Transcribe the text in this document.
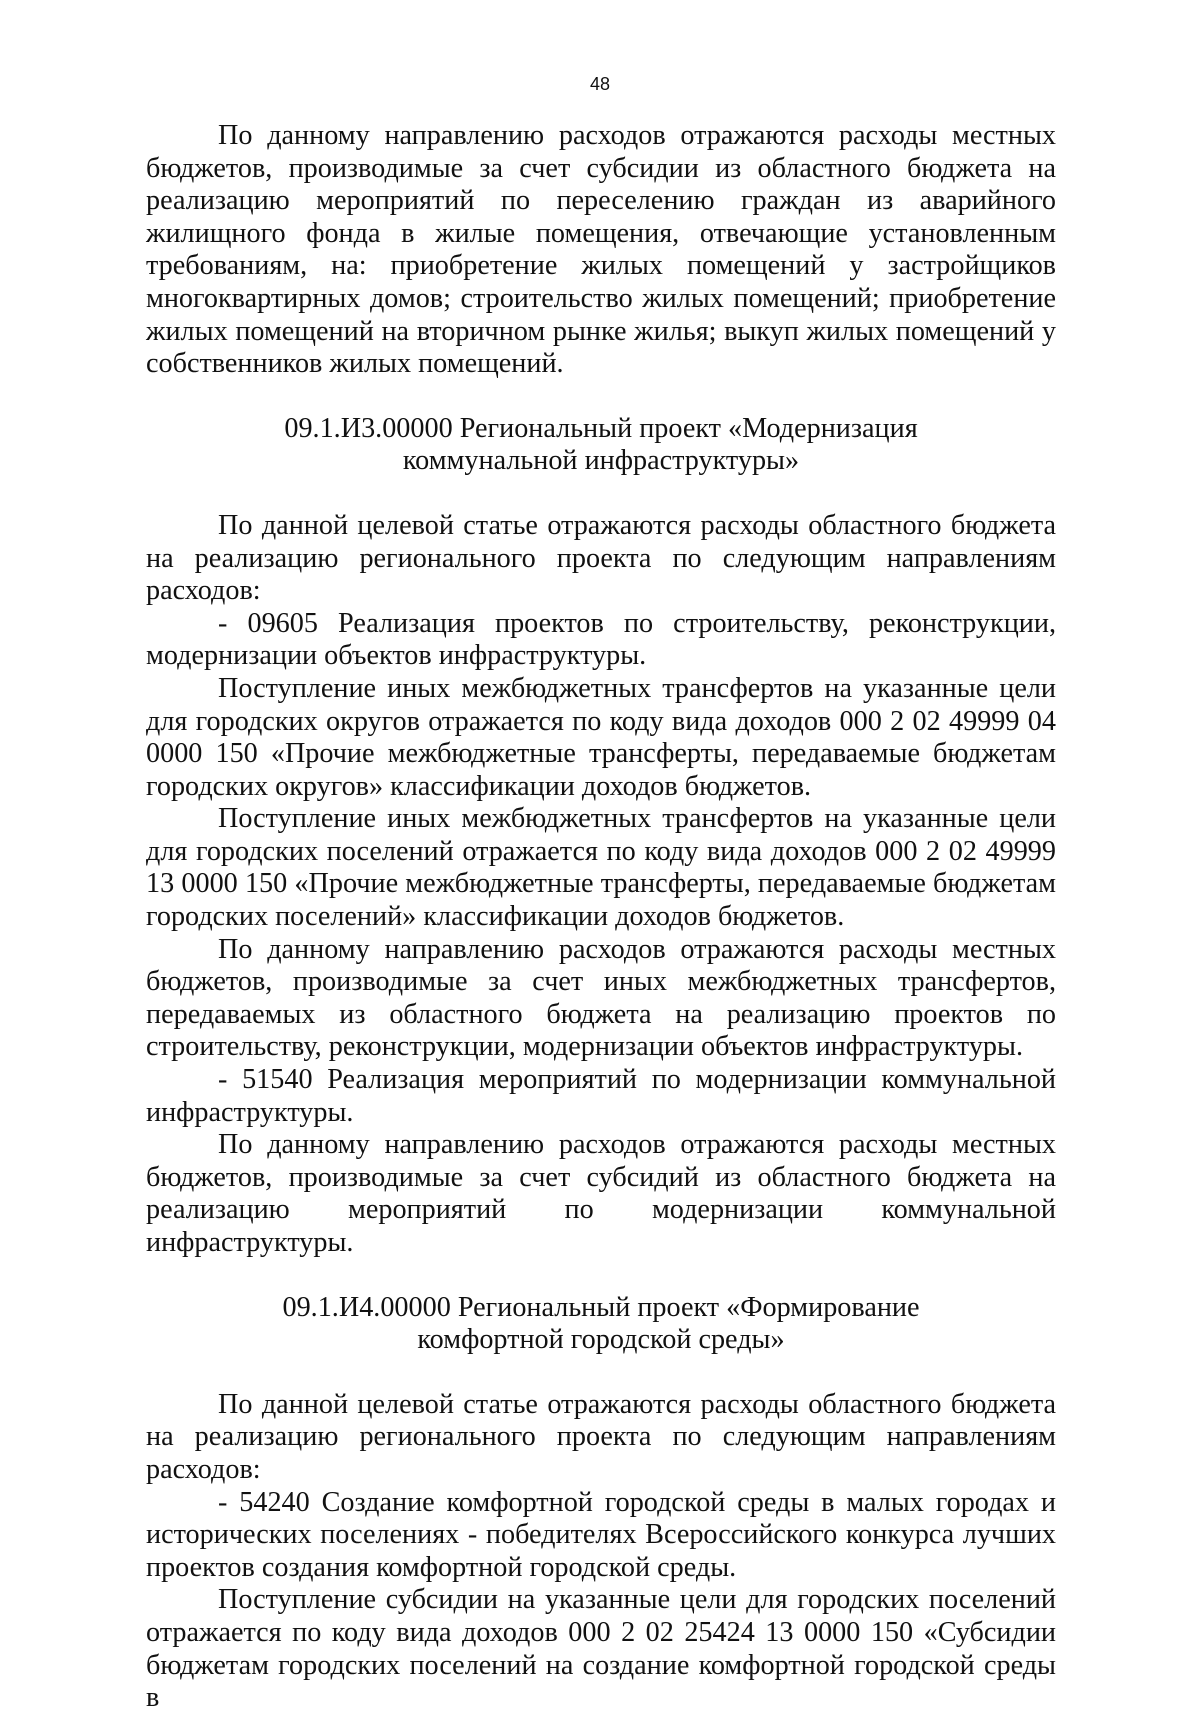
48

По данному направлению расходов отражаются расходы местных бюджетов, производимые за счет субсидии из областного бюджета на реализацию мероприятий по переселению граждан из аварийного жилищного фонда в жилые помещения, отвечающие установленным требованиям, на: приобретение жилых помещений у застройщиков многоквартирных домов; строительство жилых помещений; приобретение жилых помещений на вторичном рынке жилья; выкуп жилых помещений у собственников жилых помещений.

09.1.И3.00000 Региональный проект «Модернизация
коммунальной инфраструктуры»

По данной целевой статье отражаются расходы областного бюджета на реализацию регионального проекта по следующим направлениям расходов:

- 09605 Реализация проектов по строительству, реконструкции, модернизации объектов инфраструктуры.

Поступление иных межбюджетных трансфертов на указанные цели для городских округов отражается по коду вида доходов 000 2 02 49999 04 0000 150 «Прочие межбюджетные трансферты, передаваемые бюджетам городских округов» классификации доходов бюджетов.

Поступление иных межбюджетных трансфертов на указанные цели для городских поселений отражается по коду вида доходов 000 2 02 49999 13 0000 150 «Прочие межбюджетные трансферты, передаваемые бюджетам городских поселений» классификации доходов бюджетов.

По данному направлению расходов отражаются расходы местных бюджетов, производимые за счет иных межбюджетных трансфертов, передаваемых из областного бюджета на реализацию проектов по строительству, реконструкции, модернизации объектов инфраструктуры.

- 51540 Реализация мероприятий по модернизации коммунальной инфраструктуры.

По данному направлению расходов отражаются расходы местных бюджетов, производимые за счет субсидий из областного бюджета на реализацию мероприятий по модернизации коммунальной инфраструктуры.

09.1.И4.00000 Региональный проект «Формирование
комфортной городской среды»

По данной целевой статье отражаются расходы областного бюджета на реализацию регионального проекта по следующим направлениям расходов:

- 54240 Создание комфортной городской среды в малых городах и исторических поселениях - победителях Всероссийского конкурса лучших проектов создания комфортной городской среды.

Поступление субсидии на указанные цели для городских поселений отражается по коду вида доходов 000 2 02 25424 13 0000 150 «Субсидии бюджетам городских поселений на создание комфортной городской среды в
